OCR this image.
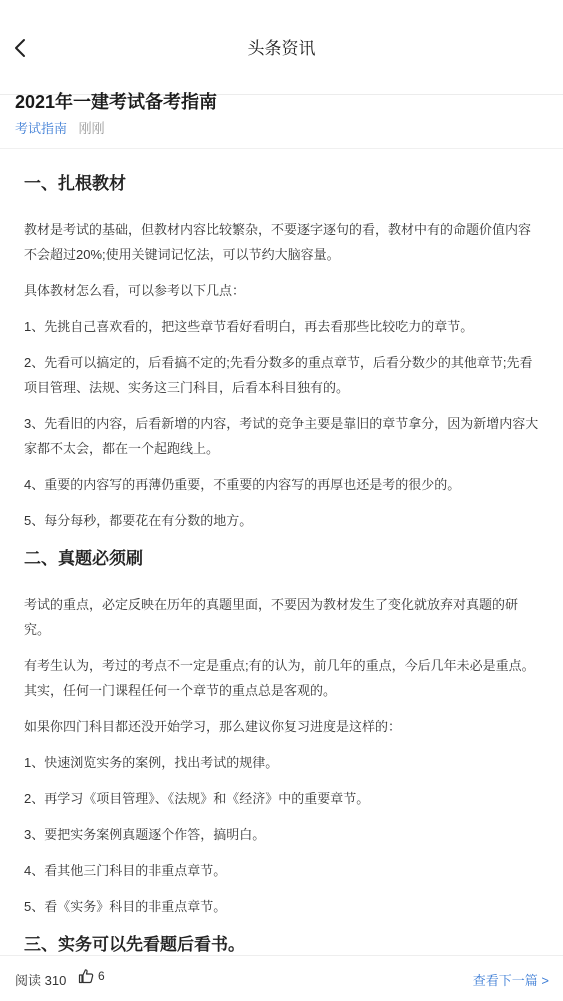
头条资讯
2021年一建考试备考指南
考试指南 刚刚
一、扎根教材

教材是考试的基础，但教材内容比较繁杂，不要逐字逐句的看，教材中有的命题价值内容不会超过20%;使用关键词记忆法，可以节约大脑容量。

具体教材怎么看，可以参考以下几点：

1、先挑自己喜欢看的，把这些章节看好看明白，再去看那些比较吃力的章节。

2、先看可以搞定的，后看搞不定的;先看分数多的重点章节，后看分数少的其他章节;先看项目管理、法规、实务这三门科目，后看本科目独有的。

3、先看旧的内容，后看新增的内容，考试的竞争主要是靠旧的章节拿分，因为新增内容大家都不太会，都在一个起跑线上。

4、重要的内容写的再薄仍重要，不重要的内容写的再厚也还是考的很少的。

5、每分每秒，都要花在有分数的地方。

二、真题必须刷

考试的重点，必定反映在历年的真题里面，不要因为教材发生了变化就放弃对真题的研究。

有考生认为，考过的考点不一定是重点;有的认为，前几年的重点，今后几年未必是重点。其实，任何一门课程任何一个章节的重点总是客观的。

如果你四门科目都还没开始学习，那么建议你复习进度是这样的：

1、快速浏览实务的案例，找出考试的规律。

2、再学习《项目管理》、《法规》和《经济》中的重要章节。

3、要把实务案例真题逐个作答，搞明白。

4、看其他三门科目的非重点章节。

5、看《实务》科目的非重点章节。

三、实务可以先看题后看书。
阅读 310	6	查看下一篇 >
